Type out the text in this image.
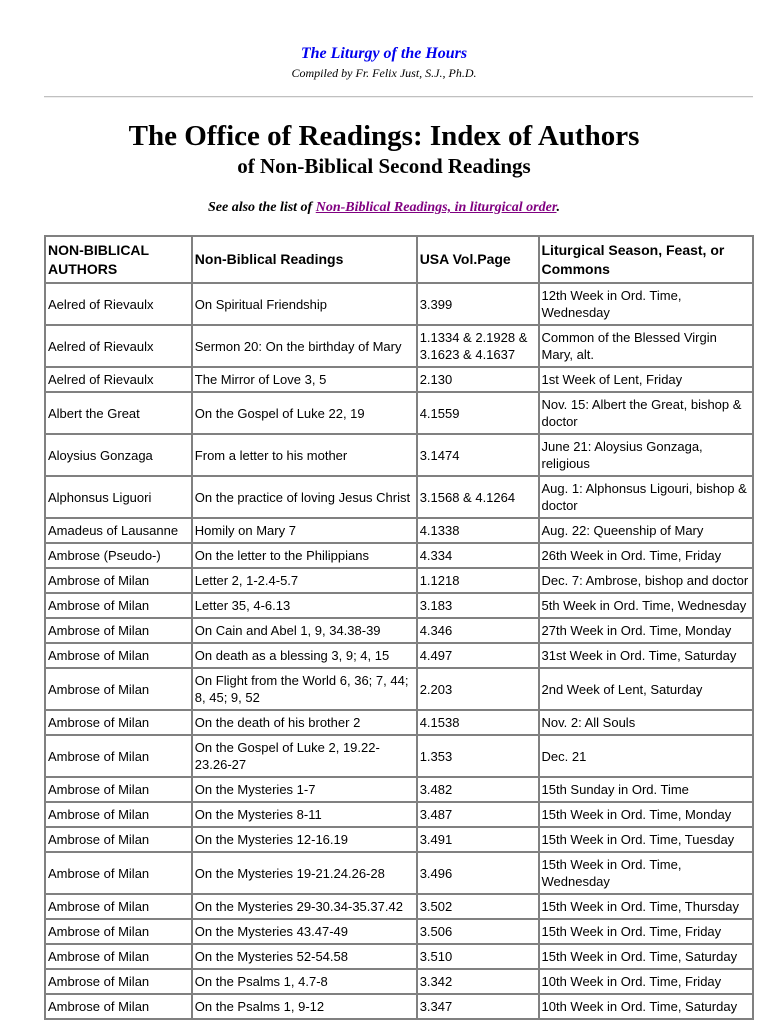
The Liturgy of the Hours
Compiled by Fr. Felix Just, S.J., Ph.D.
The Office of Readings: Index of Authors
of Non-Biblical Second Readings
See also the list of Non-Biblical Readings, in liturgical order.
NON-BIBLICAL AUTHORS	Non-Biblical Readings	USA Vol.Page	Liturgical Season, Feast, or Commons
Aelred of Rievaulx	On Spiritual Friendship	3.399	12th Week in Ord. Time, Wednesday
Aelred of Rievaulx	Sermon 20: On the birthday of Mary	1.1334 & 2.1928 & 3.1623 & 4.1637	Common of the Blessed Virgin Mary, alt.
Aelred of Rievaulx	The Mirror of Love 3, 5	2.130	1st Week of Lent, Friday
Albert the Great	On the Gospel of Luke 22, 19	4.1559	Nov. 15: Albert the Great, bishop & doctor
Aloysius Gonzaga	From a letter to his mother	3.1474	June 21: Aloysius Gonzaga, religious
Alphonsus Liguori	On the practice of loving Jesus Christ	3.1568 & 4.1264	Aug. 1: Alphonsus Ligouri, bishop & doctor
Amadeus of Lausanne	Homily on Mary 7	4.1338	Aug. 22: Queenship of Mary
Ambrose (Pseudo-)	On the letter to the Philippians	4.334	26th Week in Ord. Time, Friday
Ambrose of Milan	Letter 2, 1-2.4-5.7	1.1218	Dec. 7: Ambrose, bishop and doctor
Ambrose of Milan	Letter 35, 4-6.13	3.183	5th Week in Ord. Time, Wednesday
Ambrose of Milan	On Cain and Abel 1, 9, 34.38-39	4.346	27th Week in Ord. Time, Monday
Ambrose of Milan	On death as a blessing 3, 9; 4, 15	4.497	31st Week in Ord. Time, Saturday
Ambrose of Milan	On Flight from the World 6, 36; 7, 44; 8, 45; 9, 52	2.203	2nd Week of Lent, Saturday
Ambrose of Milan	On the death of his brother 2	4.1538	Nov. 2: All Souls
Ambrose of Milan	On the Gospel of Luke 2, 19.22-23.26-27	1.353	Dec. 21
Ambrose of Milan	On the Mysteries 1-7	3.482	15th Sunday in Ord. Time
Ambrose of Milan	On the Mysteries 8-11	3.487	15th Week in Ord. Time, Monday
Ambrose of Milan	On the Mysteries 12-16.19	3.491	15th Week in Ord. Time, Tuesday
Ambrose of Milan	On the Mysteries 19-21.24.26-28	3.496	15th Week in Ord. Time, Wednesday
Ambrose of Milan	On the Mysteries 29-30.34-35.37.42	3.502	15th Week in Ord. Time, Thursday
Ambrose of Milan	On the Mysteries 43.47-49	3.506	15th Week in Ord. Time, Friday
Ambrose of Milan	On the Mysteries 52-54.58	3.510	15th Week in Ord. Time, Saturday
Ambrose of Milan	On the Psalms 1, 4.7-8	3.342	10th Week in Ord. Time, Friday
Ambrose of Milan	On the Psalms 1, 9-12	3.347	10th Week in Ord. Time, Saturday
